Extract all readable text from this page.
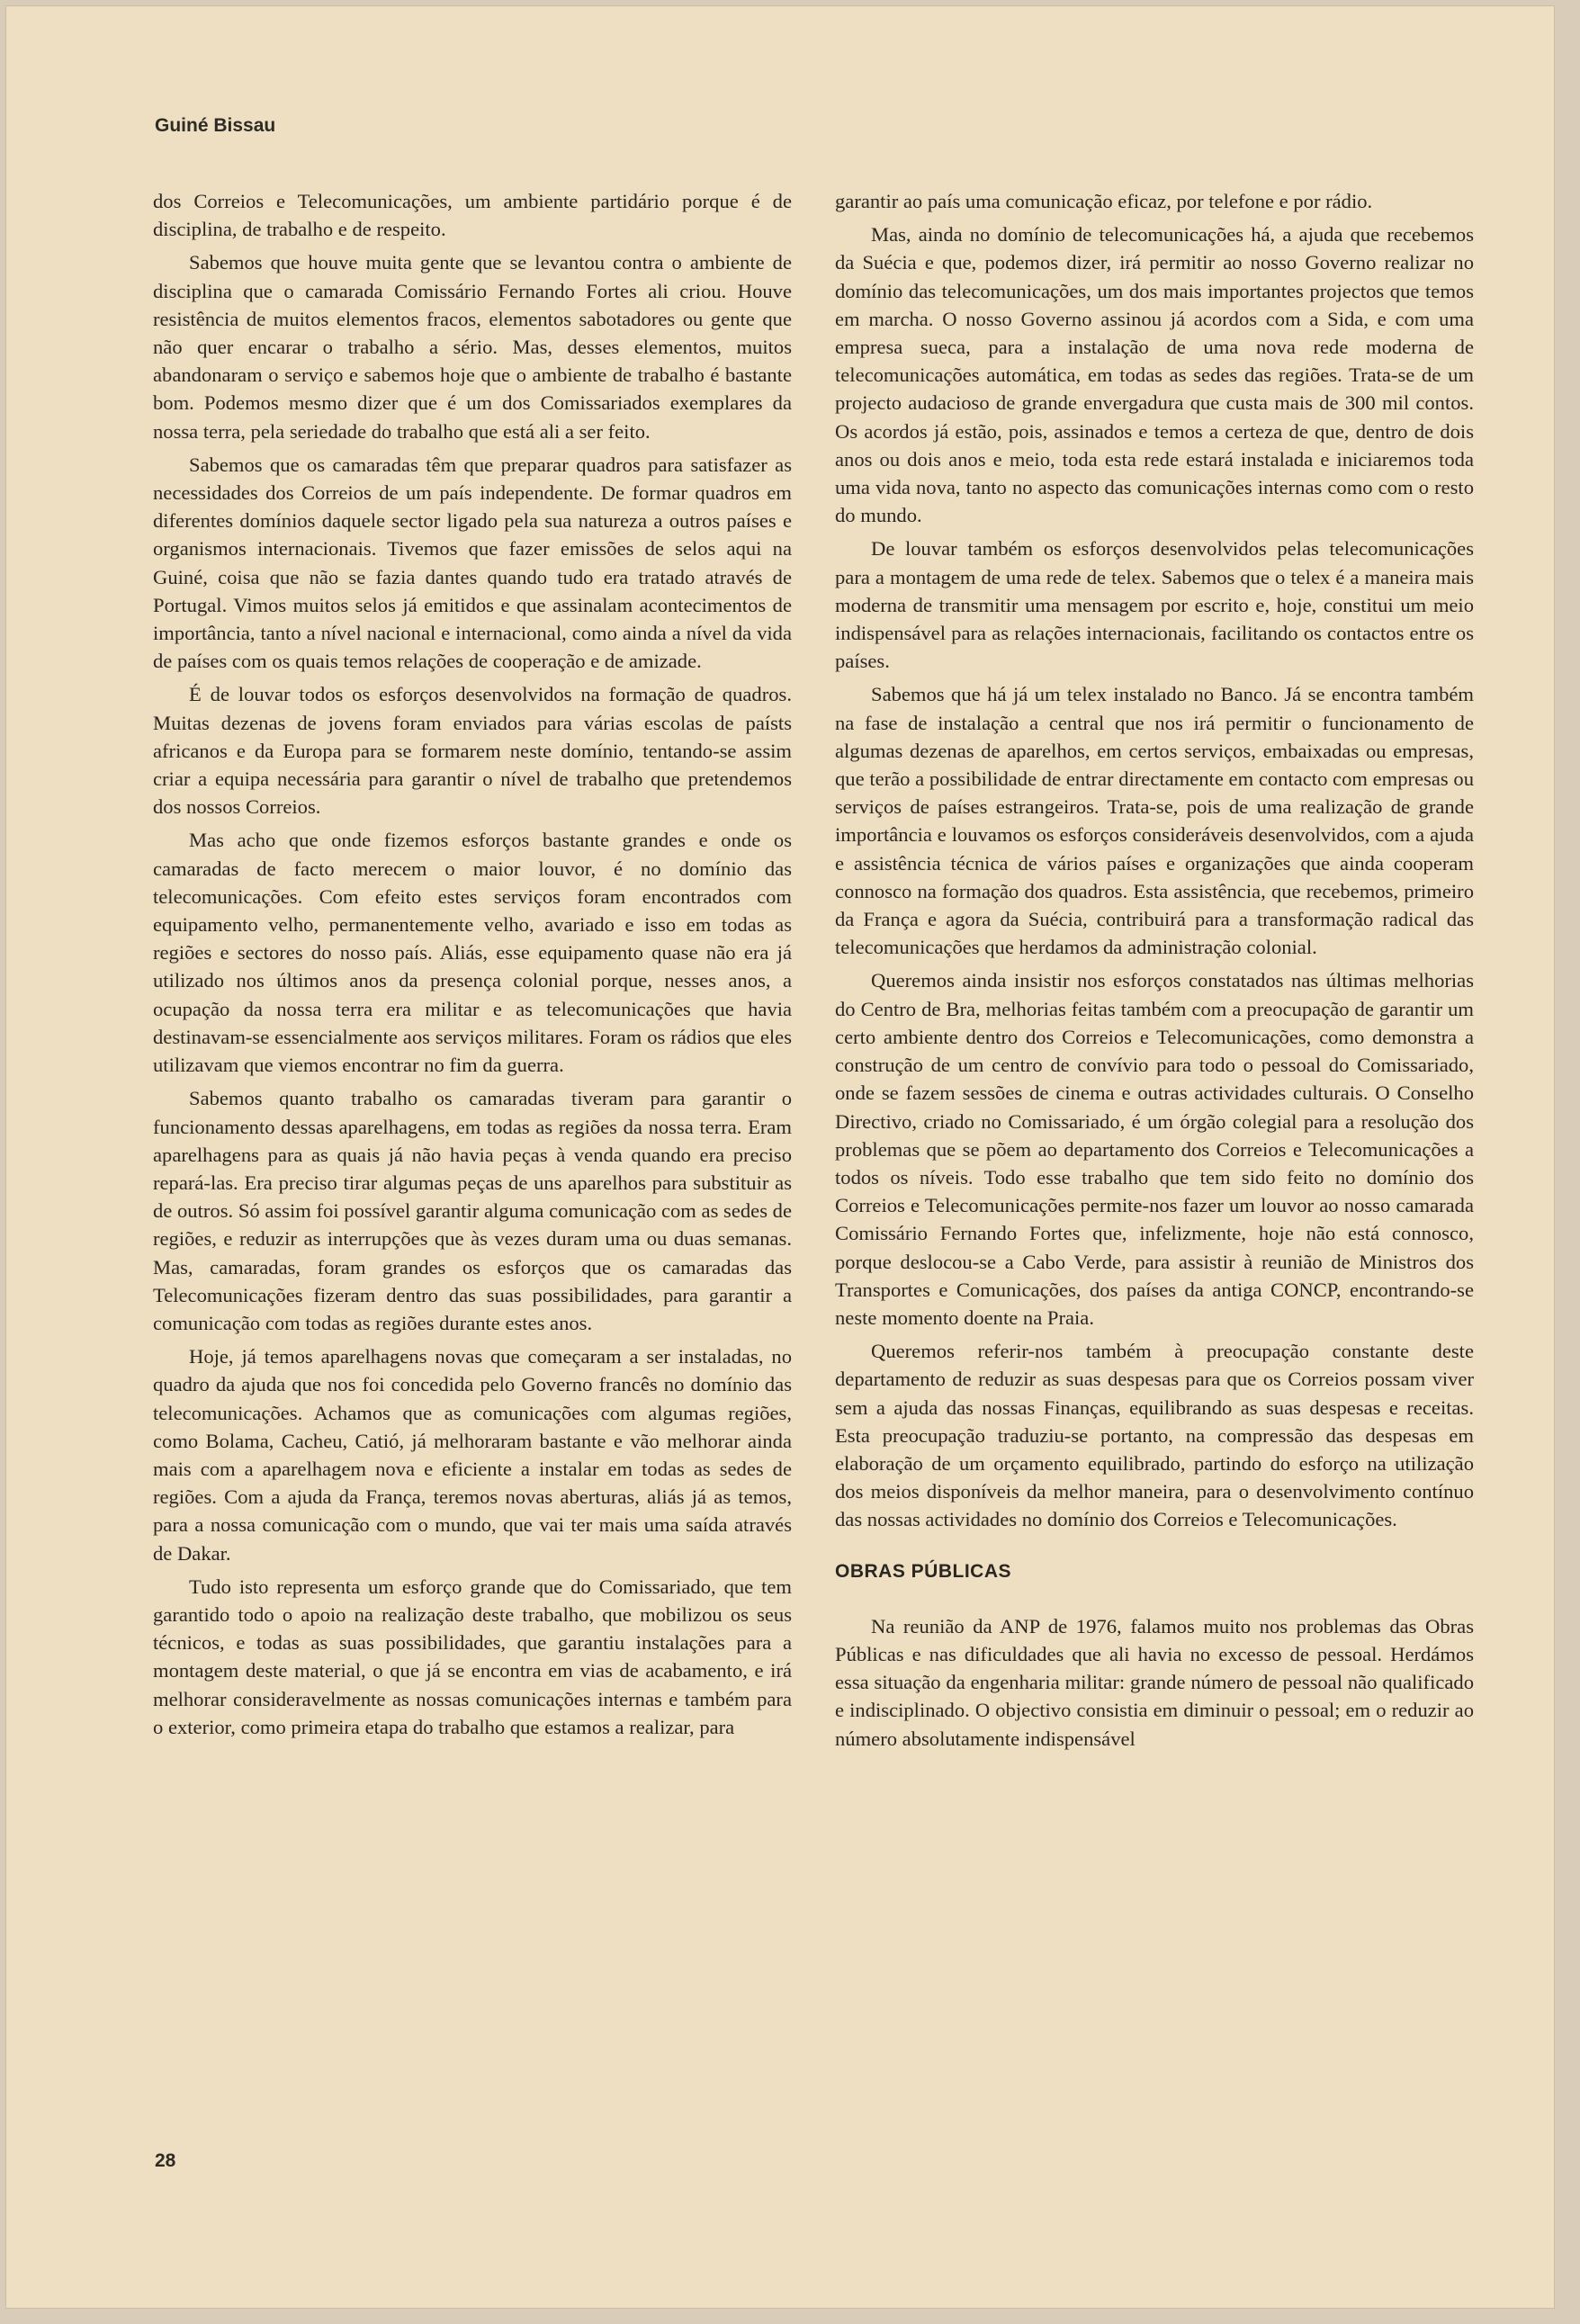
Guiné Bissau

dos Correios e Telecomunicações, um ambiente partidário porque é de disciplina, de trabalho e de respeito.

Sabemos que houve muita gente que se levantou contra o ambiente de disciplina que o camarada Comissário Fernando Fortes ali criou. Houve resistência de muitos elementos fracos, elementos sabotadores ou gente que não quer encarar o trabalho a sério. Mas, desses elementos, muitos abandonaram o serviço e sabemos hoje que o ambiente de trabalho é bastante bom. Podemos mesmo dizer que é um dos Comissariados exemplares da nossa terra, pela seriedade do trabalho que está ali a ser feito.

Sabemos que os camaradas têm que preparar quadros para satisfazer as necessidades dos Correios de um país independente. De formar quadros em diferentes domínios daquele sector ligado pela sua natureza a outros países e organismos internacionais. Tivemos que fazer emissões de selos aqui na Guiné, coisa que não se fazia dantes quando tudo era tratado através de Portugal. Vimos muitos selos já emitidos e que assinalam acontecimentos de importância, tanto a nível nacional e internacional, como ainda a nível da vida de países com os quais temos relações de cooperação e de amizade.

É de louvar todos os esforços desenvolvidos na formação de quadros. Muitas dezenas de jovens foram enviados para várias escolas de paísts africanos e da Europa para se formarem neste domínio, tentando-se assim criar a equipa necessária para garantir o nível de trabalho que pretendemos dos nossos Correios.

Mas acho que onde fizemos esforços bastante grandes e onde os camaradas de facto merecem o maior louvor, é no domínio das telecomunicações. Com efeito estes serviços foram encontrados com equipamento velho, permanentemente velho, avariado e isso em todas as regiões e sectores do nosso país. Aliás, esse equipamento quase não era já utilizado nos últimos anos da presença colonial porque, nesses anos, a ocupação da nossa terra era militar e as telecomunicações que havia destinavam-se essencialmente aos serviços militares. Foram os rádios que eles utilizavam que viemos encontrar no fim da guerra.

Sabemos quanto trabalho os camaradas tiveram para garantir o funcionamento dessas aparelhagens, em todas as regiões da nossa terra. Eram aparelhagens para as quais já não havia peças à venda quando era preciso repará-las. Era preciso tirar algumas peças de uns aparelhos para substituir as de outros. Só assim foi possível garantir alguma comunicação com as sedes de regiões, e reduzir as interrupções que às vezes duram uma ou duas semanas. Mas, camaradas, foram grandes os esforços que os camaradas das Telecomunicações fizeram dentro das suas possibilidades, para garantir a comunicação com todas as regiões durante estes anos.

Hoje, já temos aparelhagens novas que começaram a ser instaladas, no quadro da ajuda que nos foi concedida pelo Governo francês no domínio das telecomunicações. Achamos que as comunicações com algumas regiões, como Bolama, Cacheu, Catió, já melhoraram bastante e vão melhorar ainda mais com a aparelhagem nova e eficiente a instalar em todas as sedes de regiões. Com a ajuda da França, teremos novas aberturas, aliás já as temos, para a nossa comunicação com o mundo, que vai ter mais uma saída através de Dakar.

Tudo isto representa um esforço grande que do Comissariado, que tem garantido todo o apoio na realização deste trabalho, que mobilizou os seus técnicos, e todas as suas possibilidades, que garantiu instalações para a montagem deste material, o que já se encontra em vias de acabamento, e irá melhorar consideravelmente as nossas comunicações internas e também para o exterior, como primeira etapa do trabalho que estamos a realizar, para

garantir ao país uma comunicação eficaz, por telefone e por rádio.

Mas, ainda no domínio de telecomunicações há, a ajuda que recebemos da Suécia e que, podemos dizer, irá permitir ao nosso Governo realizar no domínio das telecomunicações, um dos mais importantes projectos que temos em marcha. O nosso Governo assinou já acordos com a Sida, e com uma empresa sueca, para a instalação de uma nova rede moderna de telecomunicações automática, em todas as sedes das regiões. Trata-se de um projecto audacioso de grande envergadura que custa mais de 300 mil contos. Os acordos já estão, pois, assinados e temos a certeza de que, dentro de dois anos ou dois anos e meio, toda esta rede estará instalada e iniciaremos toda uma vida nova, tanto no aspecto das comunicações internas como com o resto do mundo.

De louvar também os esforços desenvolvidos pelas telecomunicações para a montagem de uma rede de telex. Sabemos que o telex é a maneira mais moderna de transmitir uma mensagem por escrito e, hoje, constitui um meio indispensável para as relações internacionais, facilitando os contactos entre os países.

Sabemos que há já um telex instalado no Banco. Já se encontra também na fase de instalação a central que nos irá permitir o funcionamento de algumas dezenas de aparelhos, em certos serviços, embaixadas ou empresas, que terão a possibilidade de entrar directamente em contacto com empresas ou serviços de países estrangeiros. Trata-se, pois de uma realização de grande importância e louvamos os esforços consideráveis desenvolvidos, com a ajuda e assistência técnica de vários países e organizações que ainda cooperam connosco na formação dos quadros. Esta assistência, que recebemos, primeiro da França e agora da Suécia, contribuirá para a transformação radical das telecomunicações que herdamos da administração colonial.

Queremos ainda insistir nos esforços constatados nas últimas melhorias do Centro de Bra, melhorias feitas também com a preocupação de garantir um certo ambiente dentro dos Correios e Telecomunicações, como demonstra a construção de um centro de convívio para todo o pessoal do Comissariado, onde se fazem sessões de cinema e outras actividades culturais. O Conselho Directivo, criado no Comissariado, é um órgão colegial para a resolução dos problemas que se põem ao departamento dos Correios e Telecomunicações a todos os níveis. Todo esse trabalho que tem sido feito no domínio dos Correios e Telecomunicações permite-nos fazer um louvor ao nosso camarada Comissário Fernando Fortes que, infelizmente, hoje não está connosco, porque deslocou-se a Cabo Verde, para assistir à reunião de Ministros dos Transportes e Comunicações, dos países da antiga CONCP, encontrando-se neste momento doente na Praia.

Queremos referir-nos também à preocupação constante deste departamento de reduzir as suas despesas para que os Correios possam viver sem a ajuda das nossas Finanças, equilibrando as suas despesas e receitas. Esta preocupação traduziu-se portanto, na compressão das despesas em elaboração de um orçamento equilibrado, partindo do esforço na utilização dos meios disponíveis da melhor maneira, para o desenvolvimento contínuo das nossas actividades no domínio dos Correios e Telecomunicações.

OBRAS PÚBLICAS

Na reunião da ANP de 1976, falamos muito nos problemas das Obras Públicas e nas dificuldades que ali havia no excesso de pessoal. Herdámos essa situação da engenharia militar: grande número de pessoal não qualificado e indisciplinado. O objectivo consistia em diminuir o pessoal; em o reduzir ao número absolutamente indispensável

28
